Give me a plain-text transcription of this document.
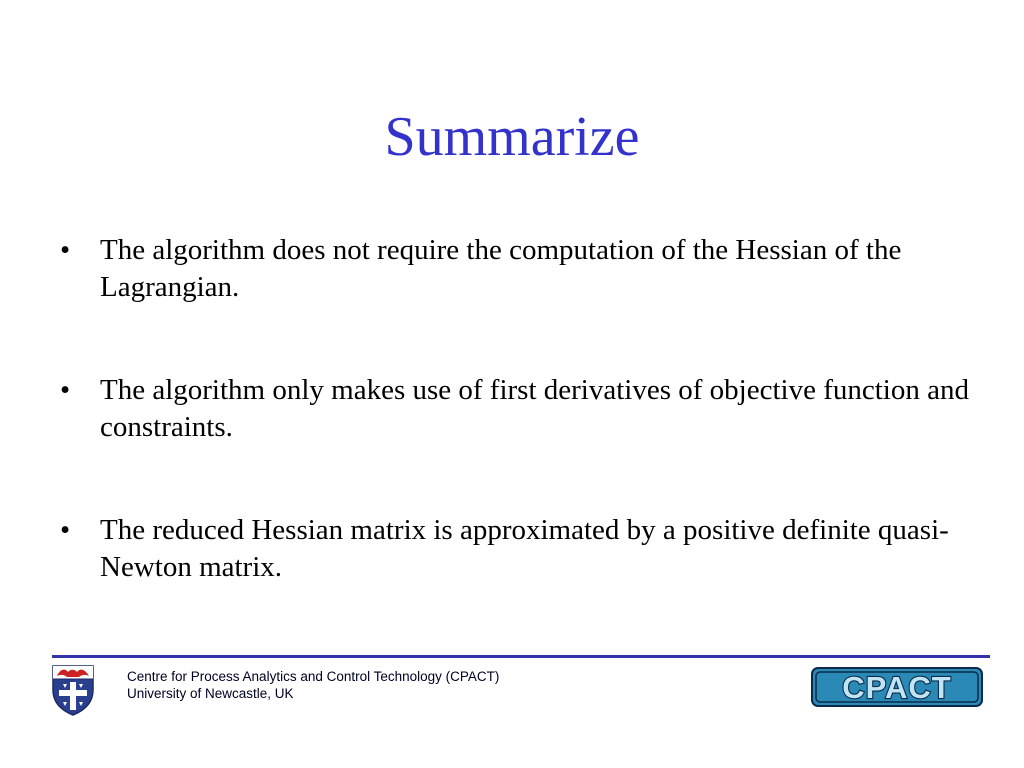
Summarize
• The algorithm does not require the computation of the Hessian of the Lagrangian.
• The algorithm only makes use of first derivatives of objective function and constraints.
• The reduced Hessian matrix is approximated by a positive definite quasi-Newton matrix.
Centre for Process Analytics and Control Technology (CPACT)
University of Newcastle, UK	CPACT
